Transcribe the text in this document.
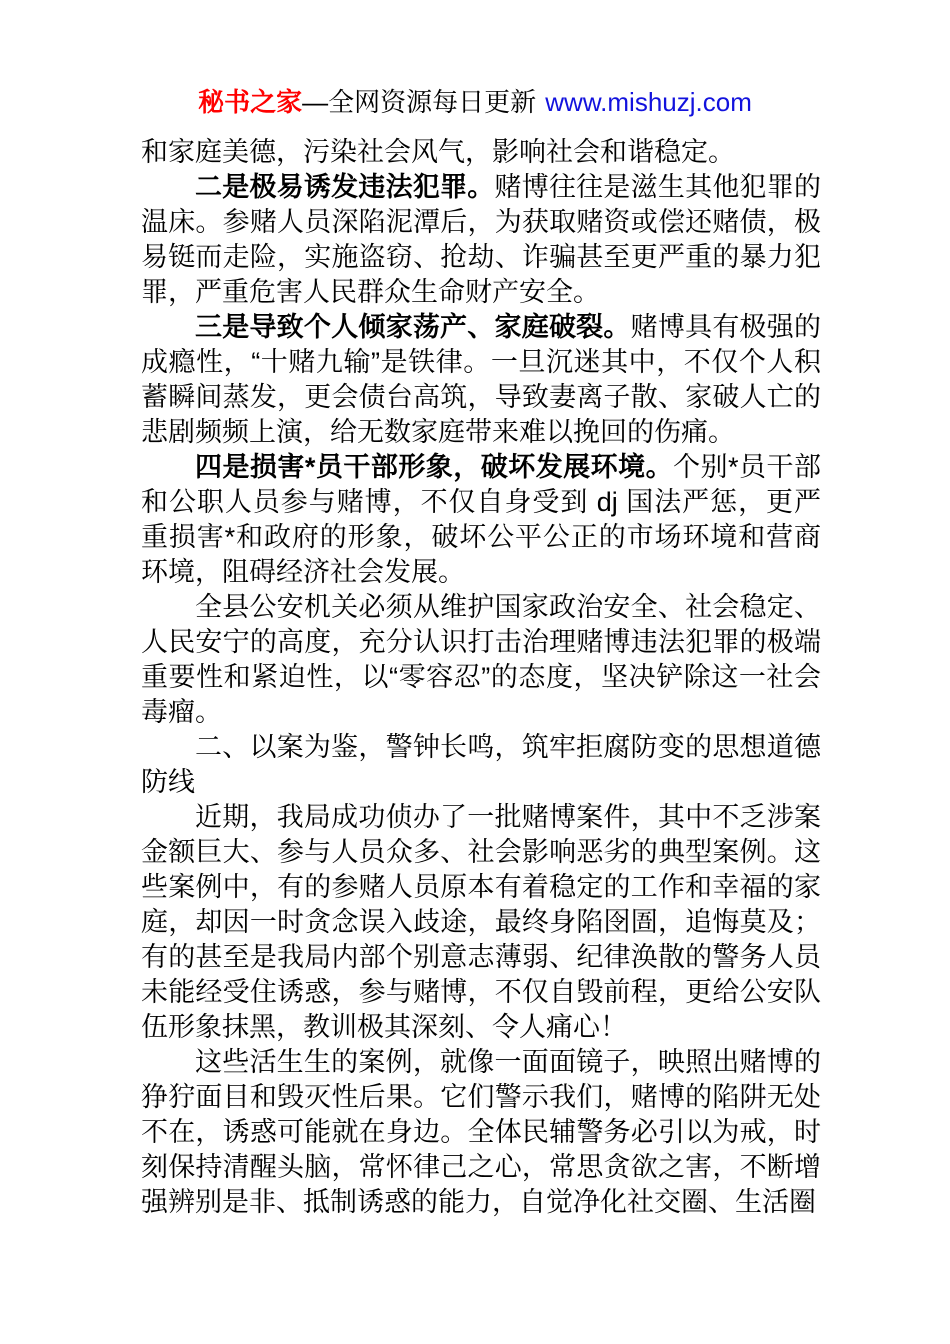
秘书之家—全网资源每日更新 www.mishuzj.com

和家庭美德，污染社会风气，影响社会和谐稳定。

二是极易诱发违法犯罪。赌博往往是滋生其他犯罪的温床。参赌人员深陷泥潭后，为获取赌资或偿还赌债，极易铤而走险，实施盗窃、抢劫、诈骗甚至更严重的暴力犯罪，严重危害人民群众生命财产安全。

三是导致个人倾家荡产、家庭破裂。赌博具有极强的成瘾性，“十赌九输”是铁律。一旦沉迷其中，不仅个人积蓄瞬间蒸发，更会债台高筑，导致妻离子散、家破人亡的悲剧频频上演，给无数家庭带来难以挽回的伤痛。

四是损害*员干部形象，破坏发展环境。个别*员干部和公职人员参与赌博，不仅自身受到 dj 国法严惩，更严重损害*和政府的形象，破坏公平公正的市场环境和营商环境，阻碍经济社会发展。

全县公安机关必须从维护国家政治安全、社会稳定、人民安宁的高度，充分认识打击治理赌博违法犯罪的极端重要性和紧迫性，以“零容忍”的态度，坚决铲除这一社会毒瘤。

二、以案为鉴，警钟长鸣，筑牢拒腐防变的思想道德防线

近期，我局成功侦办了一批赌博案件，其中不乏涉案金额巨大、参与人员众多、社会影响恶劣的典型案例。这些案例中，有的参赌人员原本有着稳定的工作和幸福的家庭，却因一时贪念误入歧途，最终身陷囹圄，追悔莫及；有的甚至是我局内部个别意志薄弱、纪律涣散的警务人员未能经受住诱惑，参与赌博，不仅自毁前程，更给公安队伍形象抹黑，教训极其深刻、令人痛心！

这些活生生的案例，就像一面面镜子，映照出赌博的狰狞面目和毁灭性后果。它们警示我们，赌博的陷阱无处不在，诱惑可能就在身边。全体民辅警务必引以为戒，时刻保持清醒头脑，常怀律己之心，常思贪欲之害，不断增强辨别是非、抵制诱惑的能力，自觉净化社交圈、生活圈
